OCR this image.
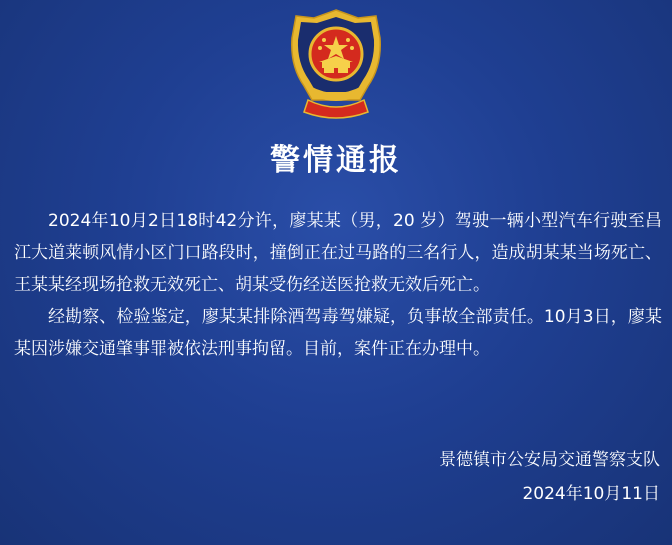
警情通报

2024年10月2日18时42分许，廖某某（男，20 岁）驾驶一辆小型汽车行驶至昌江大道莱顿风情小区门口路段时，撞倒正在过马路的三名行人，造成胡某某当场死亡、王某某经现场抢救无效死亡、胡某受伤经送医抢救无效后死亡。

经勘察、检验鉴定，廖某某排除酒驾毒驾嫌疑，负事故全部责任。10月3日，廖某某因涉嫌交通肇事罪被依法刑事拘留。目前，案件正在办理中。

景德镇市公安局交通警察支队
2024年10月11日
